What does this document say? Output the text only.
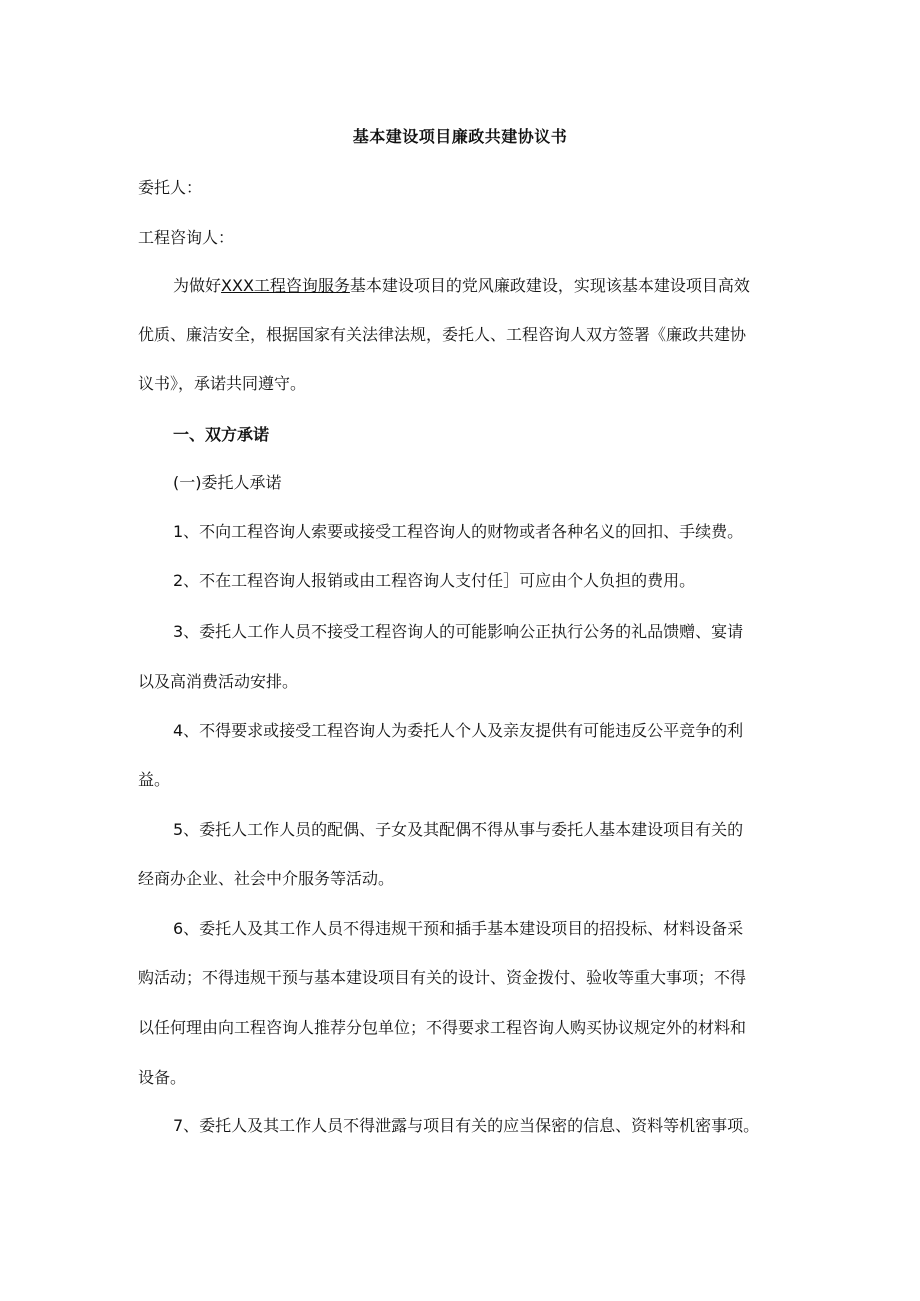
基本建设项目廉政共建协议书
委托人：
工程咨询人：
为做好XXX工程咨询服务基本建设项目的党风廉政建设，实现该基本建设项目高效
优质、廉洁安全，根据国家有关法律法规，委托人、工程咨询人双方签署《廉政共建协
议书》，承诺共同遵守。
一、双方承诺
(一)委托人承诺
1、不向工程咨询人索要或接受工程咨询人的财物或者各种名义的回扣、手续费。
2、不在工程咨询人报销或由工程咨询人支付任］可应由个人负担的费用。
3、委托人工作人员不接受工程咨询人的可能影响公正执行公务的礼品馈赠、宴请
以及高消费活动安排。
4、不得要求或接受工程咨询人为委托人个人及亲友提供有可能违反公平竞争的利
益。
5、委托人工作人员的配偶、子女及其配偶不得从事与委托人基本建设项目有关的
经商办企业、社会中介服务等活动。
6、委托人及其工作人员不得违规干预和插手基本建设项目的招投标、材料设备采
购活动；不得违规干预与基本建设项目有关的设计、资金拨付、验收等重大事项；不得
以任何理由向工程咨询人推荐分包单位；不得要求工程咨询人购买协议规定外的材料和
设备。
7、委托人及其工作人员不得泄露与项目有关的应当保密的信息、资料等机密事项。
